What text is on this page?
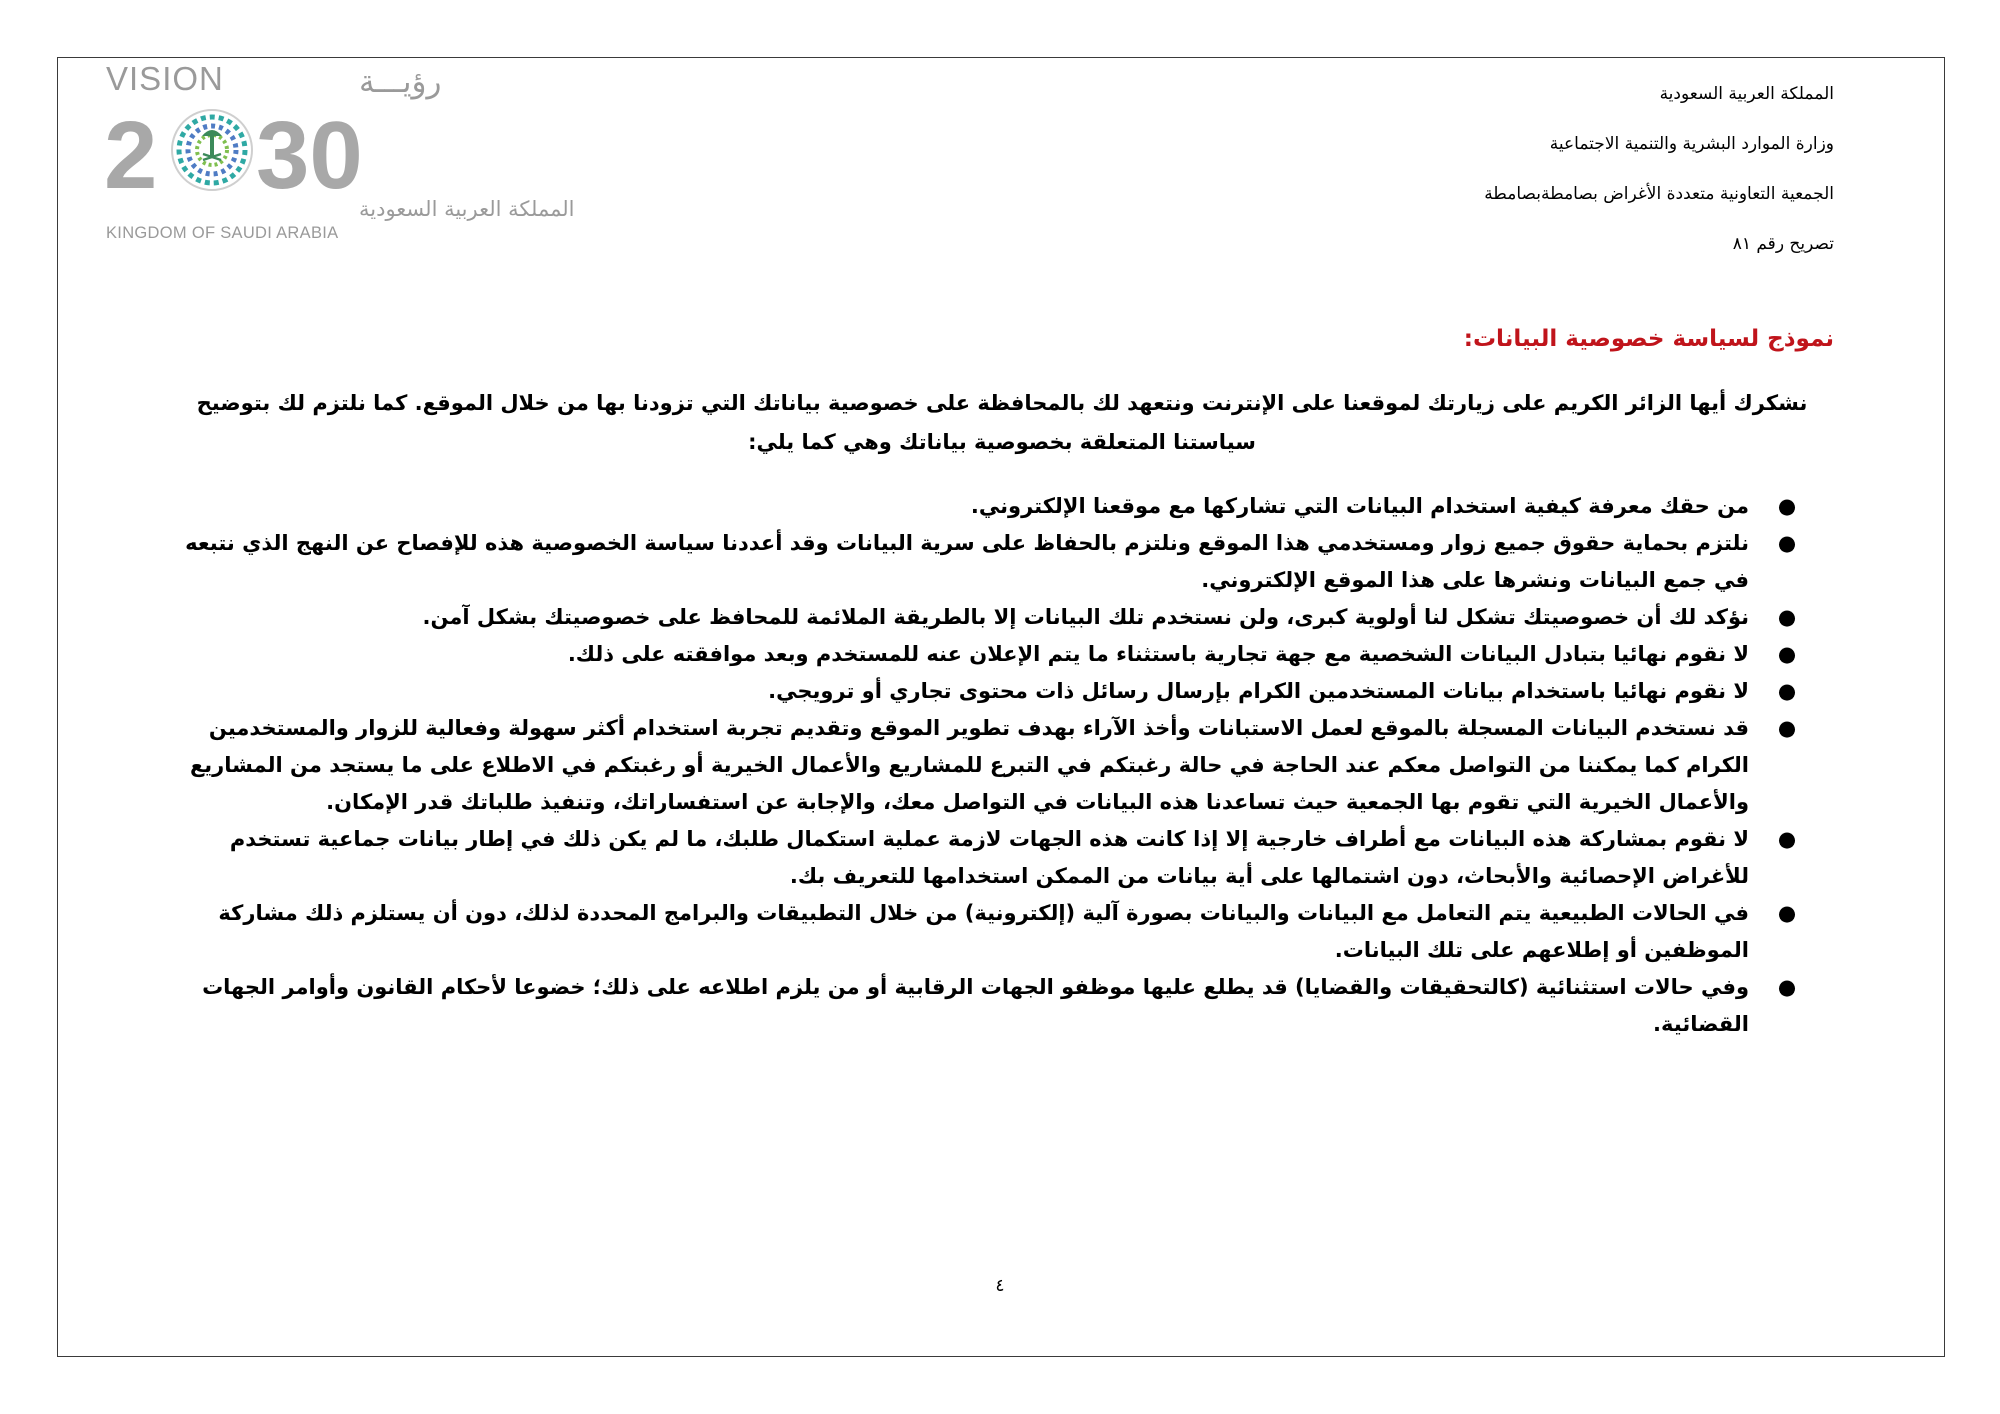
VISION	رؤيـــة
2 30
المملكة العربية السعودية
KINGDOM OF SAUDI ARABIA
المملكة العربية السعودية
وزارة الموارد البشرية والتنمية الاجتماعية
الجمعية التعاونية متعددة الأغراض بصامطةبصامطة
تصريح رقم ٨١
نموذج لسياسة خصوصية البيانات:
نشكرك أيها الزائر الكريم على زيارتك لموقعنا على الإنترنت ونتعهد لك بالمحافظة على خصوصية بياناتك التي تزودنا بها من خلال الموقع. كما نلتزم لك بتوضيح سياستنا المتعلقة بخصوصية بياناتك وهي كما يلي:
●
من حقك معرفة كيفية استخدام البيانات التي تشاركها مع موقعنا الإلكتروني.
●
نلتزم بحماية حقوق جميع زوار ومستخدمي هذا الموقع ونلتزم بالحفاظ على سرية البيانات وقد أعددنا سياسة الخصوصية هذه للإفصاح عن النهج الذي نتبعه في جمع البيانات ونشرها على هذا الموقع الإلكتروني.
●
نؤكد لك أن خصوصيتك تشكل لنا أولوية كبرى، ولن نستخدم تلك البيانات إلا بالطريقة الملائمة للمحافظ على خصوصيتك بشكل آمن.
●
لا نقوم نهائيا بتبادل البيانات الشخصية مع جهة تجارية باستثناء ما يتم الإعلان عنه للمستخدم وبعد موافقته على ذلك.
●
لا نقوم نهائيا باستخدام بيانات المستخدمين الكرام بإرسال رسائل ذات محتوى تجاري أو ترويجي.
●
قد نستخدم البيانات المسجلة بالموقع لعمل الاستبانات وأخذ الآراء بهدف تطوير الموقع وتقديم تجربة استخدام أكثر سهولة وفعالية للزوار والمستخدمين الكرام كما يمكننا من التواصل معكم عند الحاجة في حالة رغبتكم في التبرع للمشاريع والأعمال الخيرية أو رغبتكم في الاطلاع على ما يستجد من المشاريع والأعمال الخيرية التي تقوم بها الجمعية حيث تساعدنا هذه البيانات في التواصل معك، والإجابة عن استفساراتك، وتنفيذ طلباتك قدر الإمكان.
●
لا نقوم بمشاركة هذه البيانات مع أطراف خارجية إلا إذا كانت هذه الجهات لازمة عملية استكمال طلبك، ما لم يكن ذلك في إطار بيانات جماعية تستخدم للأغراض الإحصائية والأبحاث، دون اشتمالها على أية بيانات من الممكن استخدامها للتعريف بك.
●
في الحالات الطبيعية يتم التعامل مع البيانات والبيانات بصورة آلية (إلكترونية) من خلال التطبيقات والبرامج المحددة لذلك، دون أن يستلزم ذلك مشاركة الموظفين أو إطلاعهم على تلك البيانات.
●
وفي حالات استثنائية (كالتحقيقات والقضايا) قد يطلع عليها موظفو الجهات الرقابية أو من يلزم اطلاعه على ذلك؛ خضوعا لأحكام القانون وأوامر الجهات القضائية.
٤
